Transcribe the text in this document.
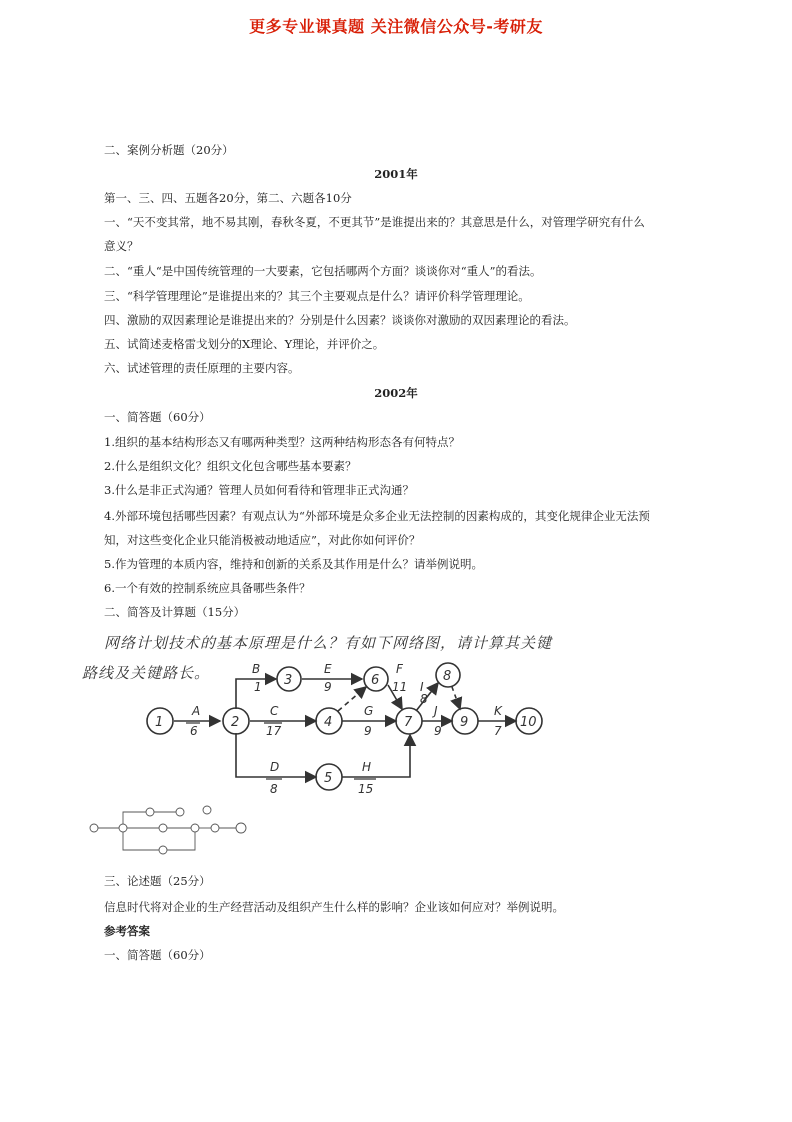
更多专业课真题 关注微信公众号-考研友
二、案例分析题（20分）
2001年
第一、三、四、五题各20分，第二、六题各10分
一、“天不变其常，地不易其刚，春秋冬夏，不更其节”是谁提出来的？其意思是什么，对管理学研究有什么
意义？
二、“重人“是中国传统管理的一大要素，它包括哪两个方面？谈谈你对“重人”的看法。
三、“科学管理理论”是谁提出来的？其三个主要观点是什么？请评价科学管理理论。
四、激励的双因素理论是谁提出来的？分别是什么因素？谈谈你对激励的双因素理论的看法。
五、试简述麦格雷戈划分的X理论、Y理论，并评价之。
六、试述管理的责任原理的主要内容。
2002年
一、简答题（60分）
1.组织的基本结构形态又有哪两种类型？这两种结构形态各有何特点？
2.什么是组织文化？组织文化包含哪些基本要素？
3.什么是非正式沟通？管理人员如何看待和管理非正式沟通？
4.外部环境包括哪些因素？有观点认为“外部环境是众多企业无法控制的因素构成的，其变化规律企业无法预
知，对这些变化企业只能消极被动地适应”，对此你如何评价？
5.作为管理的本质内容，维持和创新的关系及其作用是什么？请举例说明。
6.一个有效的控制系统应具备哪些条件？
二、简答及计算题（15分）
网络计划技术的基本原理是什么？有如下网络图，请计算其关键
路线及关键路长。
1	2
3
4
5
6
7
8
9	10
A
B
C
D
E	F
G
H
I
J	K
6
1
17
8
9	11
9
15
8
9	7
三、论述题（25分）
信息时代将对企业的生产经营活动及组织产生什么样的影响？企业该如何应对？举例说明。
参考答案
一、简答题（60分）
